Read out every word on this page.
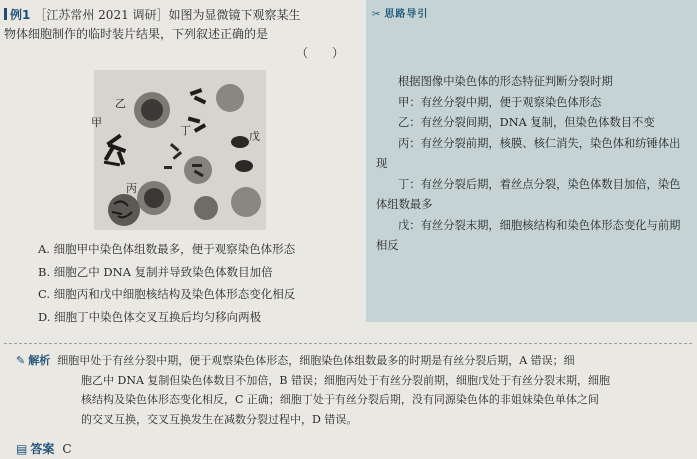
例1 ［江苏常州 2021 调研］如图为显微镜下观察某生
物体细胞制作的临时装片结果，下列叙述正确的是
（　　）
乙
甲
丁	戊
丙
A. 细胞甲中染色体组数最多，便于观察染色体形态
B. 细胞乙中 DNA 复制并导致染色体数目加倍
C. 细胞丙和戊中细胞核结构及染色体形态变化相反
D. 细胞丁中染色体交叉互换后均匀移向两极
✂ 思路导引

根据图像中染色体的形态特征判断分裂时期

甲：有丝分裂中期，便于观察染色体形态

乙：有丝分裂间期，DNA 复制，但染色体数目不变

丙：有丝分裂前期，核膜、核仁消失，染色体和纺锤体出现

丁：有丝分裂后期，着丝点分裂，染色体数目加倍，染色体组数最多

戊：有丝分裂末期，细胞核结构和染色体形态变化与前期相反

✎ 解析 细胞甲处于有丝分裂中期，便于观察染色体形态，细胞染色体组数最多的时期是有丝分裂后期，A 错误；细
胞乙中 DNA 复制但染色体数目不加倍，B 错误；细胞丙处于有丝分裂前期，细胞戊处于有丝分裂末期，细胞
核结构及染色体形态变化相反，C 正确；细胞丁处于有丝分裂后期，没有同源染色体的非姐妹染色单体之间
的交叉互换，交叉互换发生在减数分裂过程中，D 错误。
▤ 答案 C
